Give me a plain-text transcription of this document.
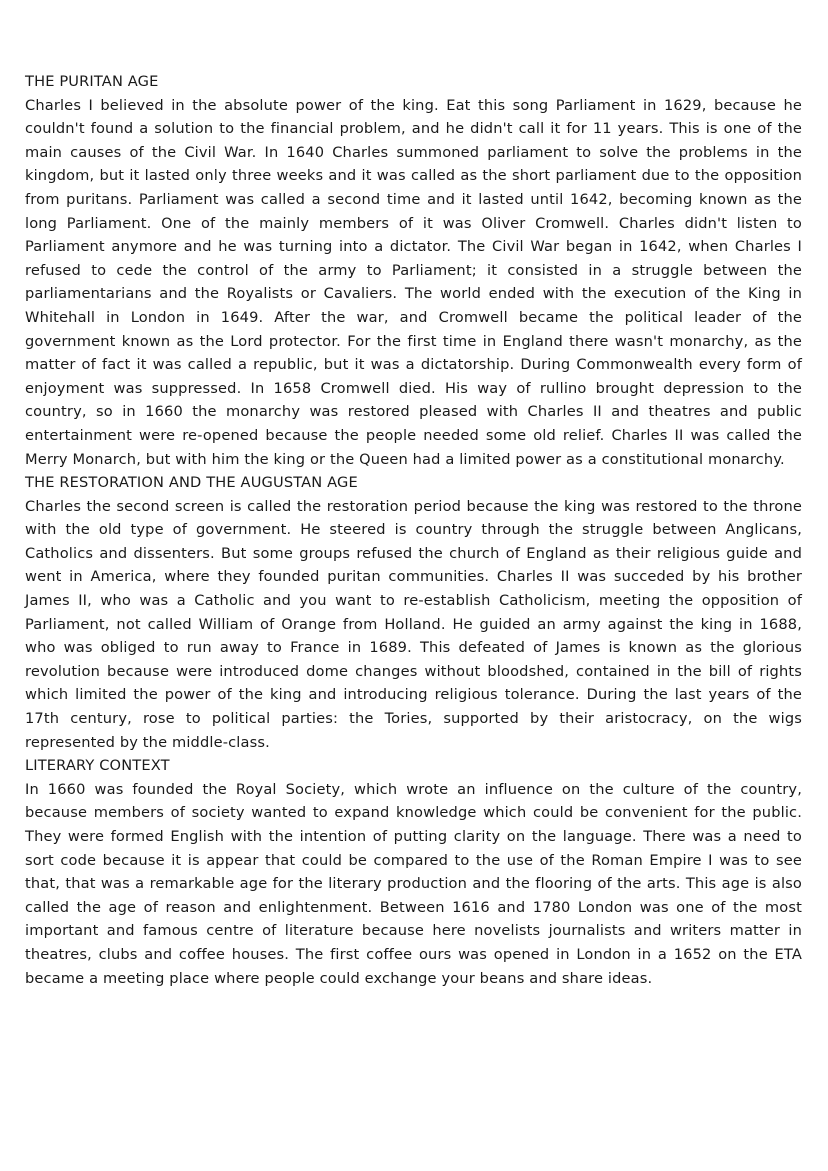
THE PURITAN AGE

Charles I believed in the absolute power of the king. Eat this song Parliament in 1629, because he couldn't found a solution to the financial problem, and he didn't call it for 11 years. This is one of the main causes of the Civil War. In 1640 Charles summoned parliament to solve the problems in the kingdom, but it lasted only three weeks and it was called as the short parliament due to the opposition from puritans. Parliament was called a second time and it lasted until 1642, becoming known as the long Parliament. One of the mainly members of it was Oliver Cromwell. Charles didn't listen to Parliament anymore and he was turning into a dictator. The Civil War began in 1642, when Charles I refused to cede the control of the army to Parliament; it consisted in a struggle between the parliamentarians and the Royalists or Cavaliers. The world ended with the execution of the King in Whitehall in London in 1649. After the war, and Cromwell became the political leader of the government known as the Lord protector. For the first time in England there wasn't monarchy, as the matter of fact it was called a republic, but it was a dictatorship. During Commonwealth every form of enjoyment was suppressed. In 1658 Cromwell died. His way of rullino brought depression to the country, so in 1660 the monarchy was restored pleased with Charles II and theatres and public entertainment were re-opened because the people needed some old relief. Charles II was called the Merry Monarch, but with him the king or the Queen had a limited power as a constitutional monarchy.

THE RESTORATION AND THE AUGUSTAN AGE

Charles the second screen is called the restoration period because the king was restored to the throne with the old type of government. He steered is country through the struggle between Anglicans, Catholics and dissenters. But some groups refused the church of England as their religious guide and went in America, where they founded puritan communities. Charles II was succeded by his brother James II, who was a Catholic and you want to re-establish Catholicism, meeting the opposition of Parliament, not called William of Orange from Holland. He guided an army against the king in 1688, who was obliged to run away to France in 1689. This defeated of James is known as the glorious revolution because were introduced dome changes without bloodshed, contained in the bill of rights which limited the power of the king and introducing religious tolerance. During the last years of the 17th century, rose to political parties: the Tories, supported by their aristocracy, on the wigs represented by the middle-class.

LITERARY CONTEXT

In 1660 was founded the Royal Society, which wrote an influence on the culture of the country, because members of society wanted to expand knowledge which could be convenient for the public. They were formed English with the intention of putting clarity on the language. There was a need to sort code because it is appear that could be compared to the use of the Roman Empire I was to see that, that was a remarkable age for the literary production and the flooring of the arts. This age is also called the age of reason and enlightenment. Between 1616 and 1780 London was one of the most important and famous centre of literature because here novelists journalists and writers matter in theatres, clubs and coffee houses. The first coffee ours was opened in London in a 1652 on the ETA became a meeting place where people could exchange your beans and share ideas.
